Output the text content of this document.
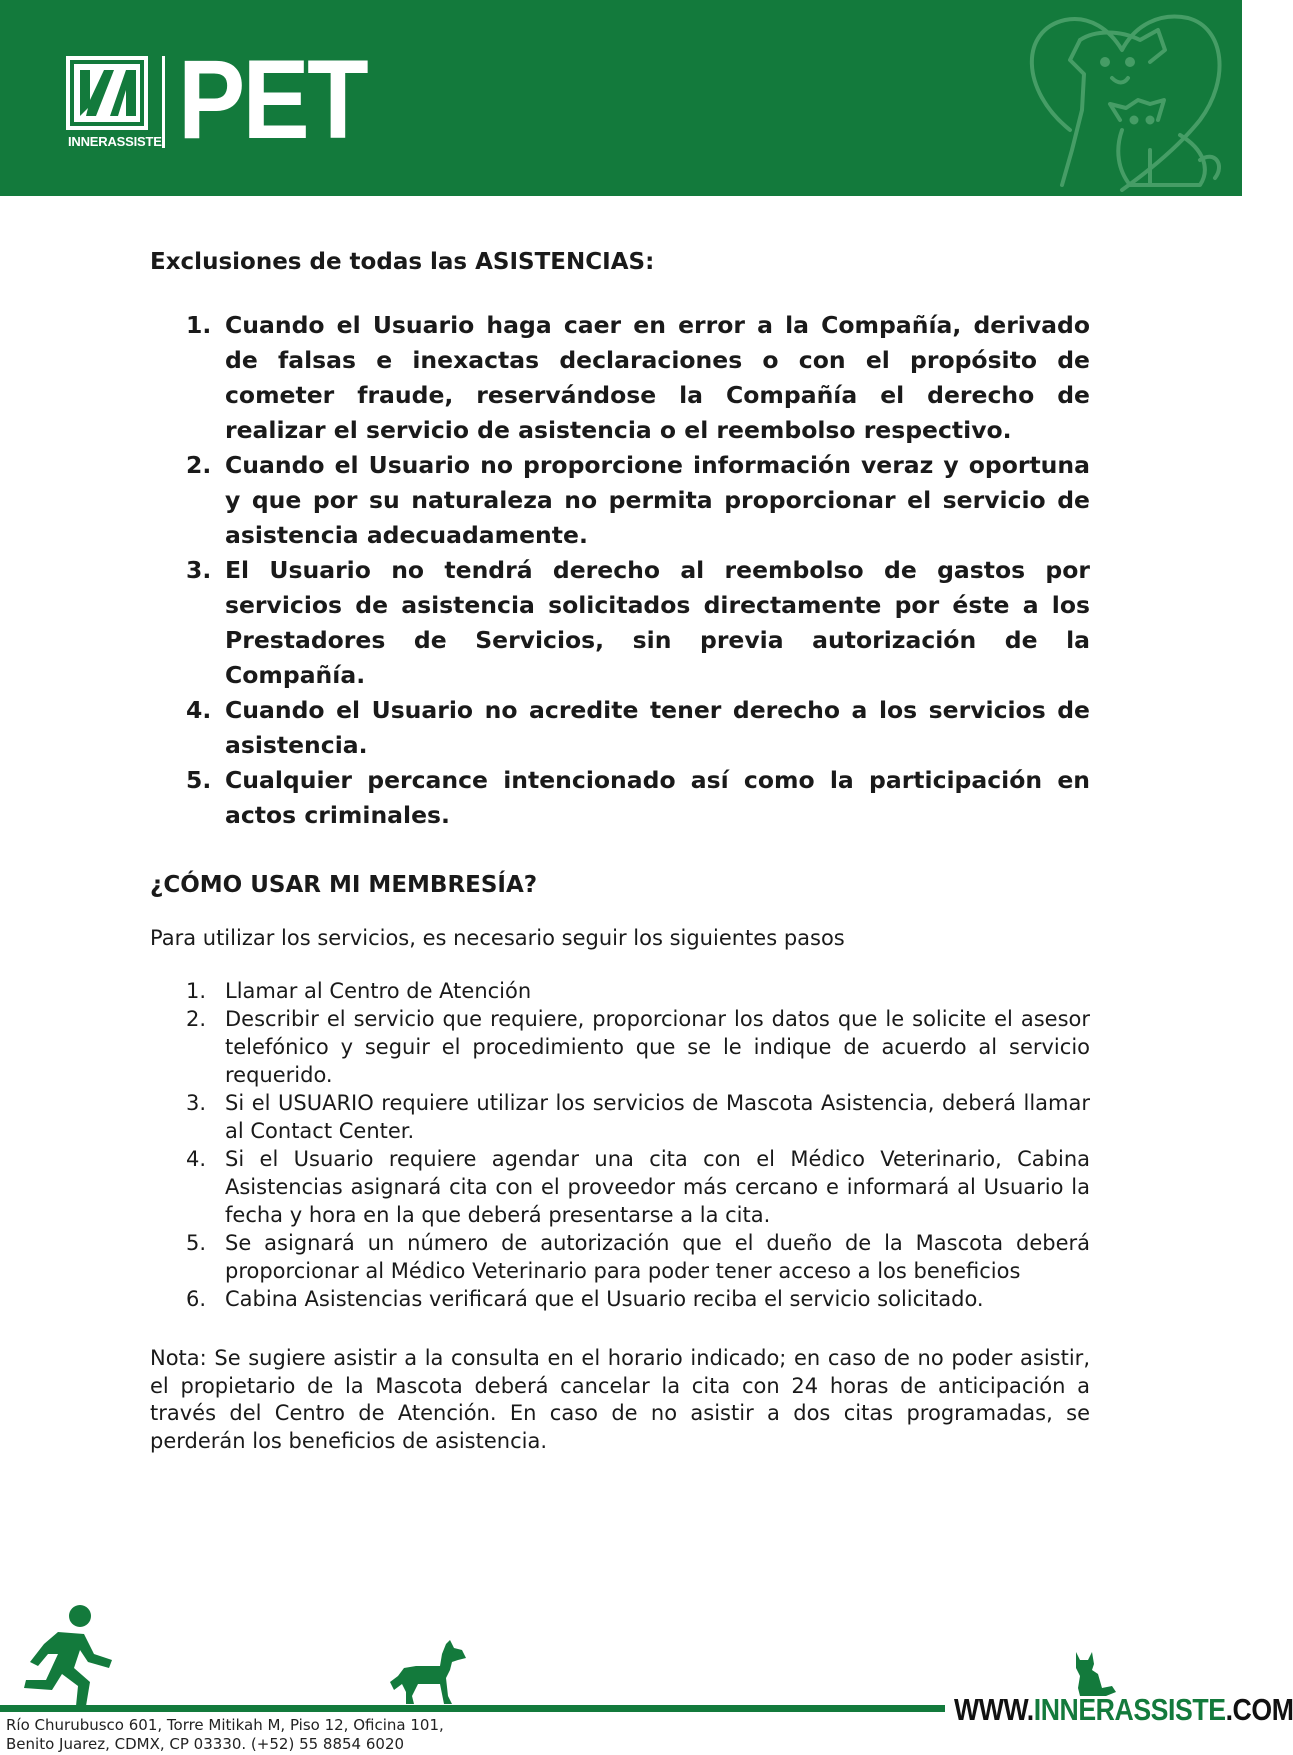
INNERASSISTE PET
Exclusiones de todas las ASISTENCIAS:
1. Cuando el Usuario haga caer en error a la Compañía, derivado de falsas e inexactas declaraciones o con el propósito de cometer fraude, reservándose la Compañía el derecho de realizar el servicio de asistencia o el reembolso respectivo.
2. Cuando el Usuario no proporcione información veraz y oportuna y que por su naturaleza no permita proporcionar el servicio de asistencia adecuadamente.
3. El Usuario no tendrá derecho al reembolso de gastos por servicios de asistencia solicitados directamente por éste a los Prestadores de Servicios, sin previa autorización de la Compañía.
4. Cuando el Usuario no acredite tener derecho a los servicios de asistencia.
5. Cualquier percance intencionado así como la participación en actos criminales.
¿CÓMO USAR MI MEMBRESÍA?

Para utilizar los servicios, es necesario seguir los siguientes pasos

1. Llamar al Centro de Atención
2. Describir el servicio que requiere, proporcionar los datos que le solicite el asesor telefónico y seguir el procedimiento que se le indique de acuerdo al servicio requerido.
3. Si el USUARIO requiere utilizar los servicios de Mascota Asistencia, deberá llamar al Contact Center.
4. Si el Usuario requiere agendar una cita con el Médico Veterinario, Cabina Asistencias asignará cita con el proveedor más cercano e informará al Usuario la fecha y hora en la que deberá presentarse a la cita.
5. Se asignará un número de autorización que el dueño de la Mascota deberá proporcionar al Médico Veterinario para poder tener acceso a los beneficios
6. Cabina Asistencias verificará que el Usuario reciba el servicio solicitado.

Nota: Se sugiere asistir a la consulta en el horario indicado; en caso de no poder asistir, el propietario de la Mascota deberá cancelar la cita con 24 horas de anticipación a través del Centro de Atención. En caso de no asistir a dos citas programadas, se perderán los beneficios de asistencia.

WWW.INNERASSISTE.COM
Río Churubusco 601, Torre Mitikah M, Piso 12, Oficina 101,
Benito Juarez, CDMX, CP 03330. (+52) 55 8854 6020
